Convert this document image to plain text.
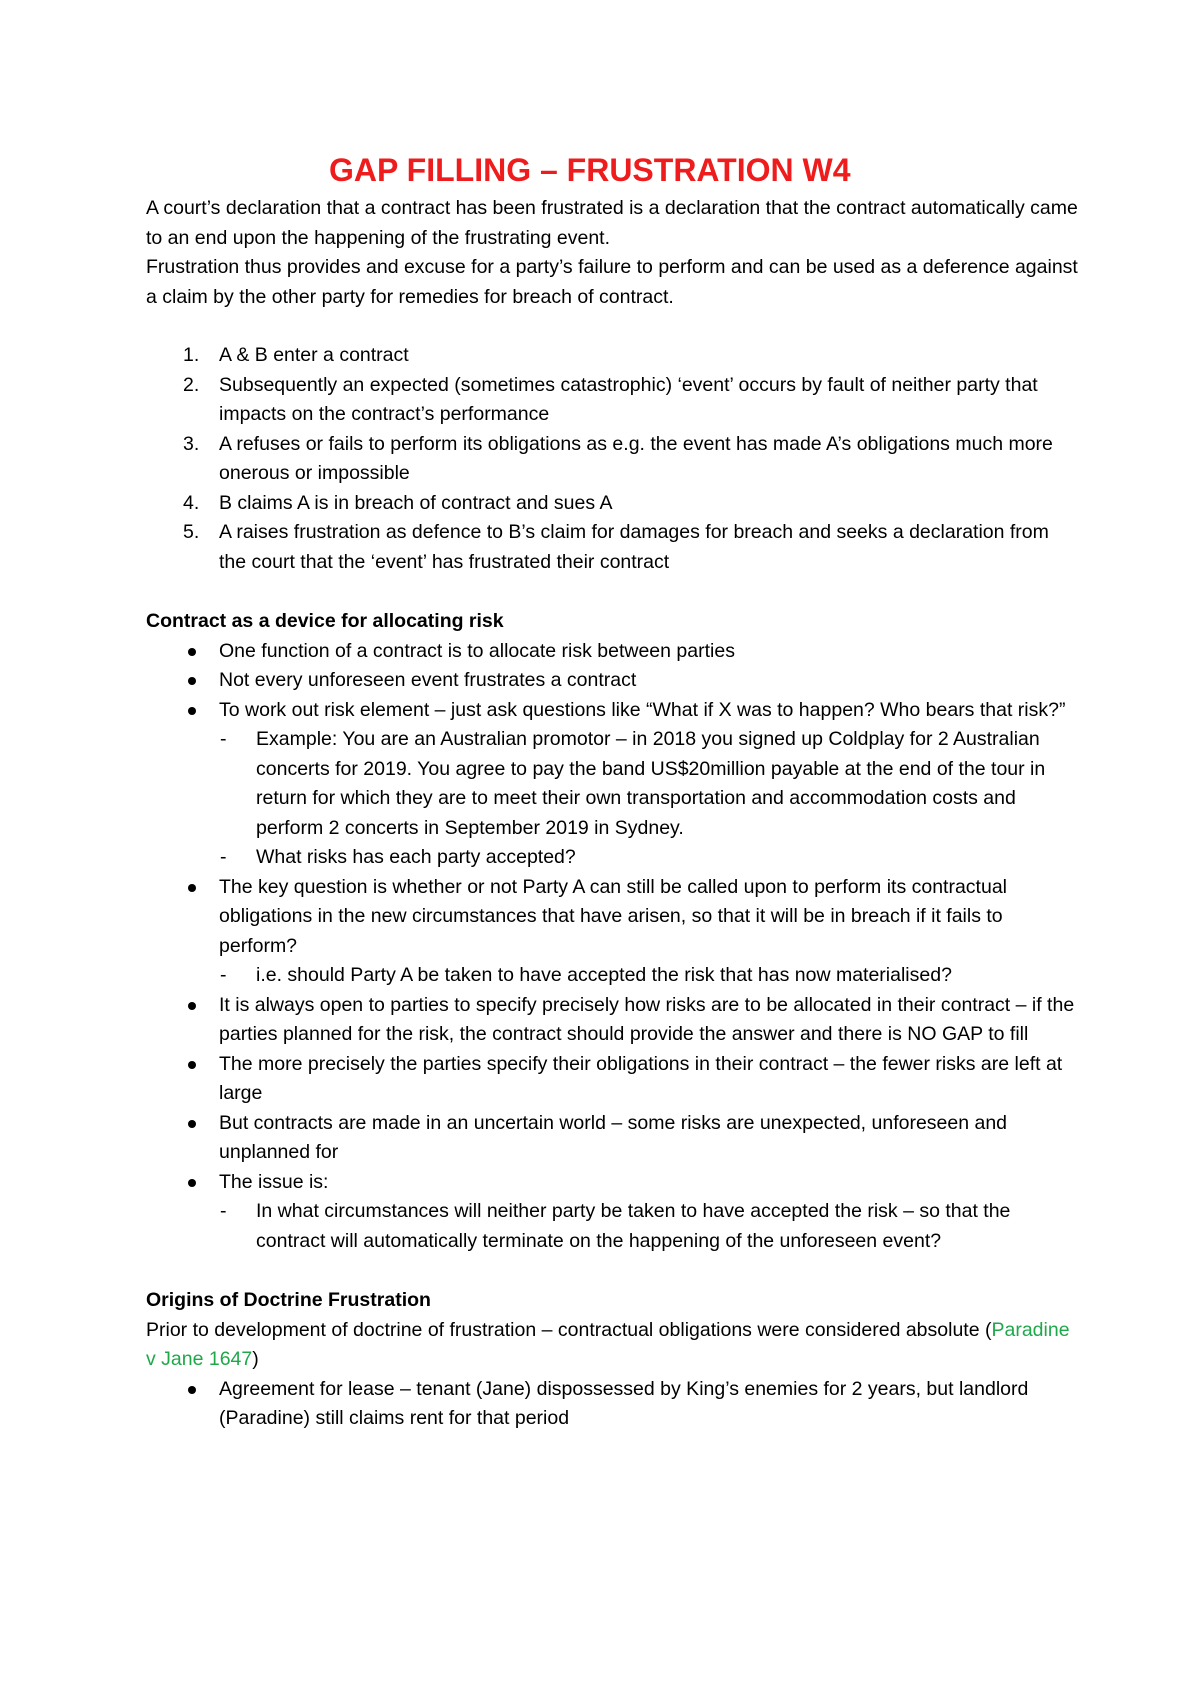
GAP FILLING – FRUSTRATION W4

A court’s declaration that a contract has been frustrated is a declaration that the contract automatically came to an end upon the happening of the frustrating event.

Frustration thus provides and excuse for a party’s failure to perform and can be used as a deference against a claim by the other party for remedies for breach of contract.

1. A & B enter a contract
2. Subsequently an expected (sometimes catastrophic) ‘event’ occurs by fault of neither party that impacts on the contract’s performance
3. A refuses or fails to perform its obligations as e.g. the event has made A’s obligations much more onerous or impossible
4. B claims A is in breach of contract and sues A
5. A raises frustration as defence to B’s claim for damages for breach and seeks a declaration from the court that the ‘event’ has frustrated their contract
Contract as a device for allocating risk
One function of a contract is to allocate risk between parties
Not every unforeseen event frustrates a contract
To work out risk element – just ask questions like “What if X was to happen? Who bears that risk?”
- Example: You are an Australian promotor – in 2018 you signed up Coldplay for 2 Australian concerts for 2019. You agree to pay the band US$20million payable at the end of the tour in return for which they are to meet their own transportation and accommodation costs and perform 2 concerts in September 2019 in Sydney.
- What risks has each party accepted?
The key question is whether or not Party A can still be called upon to perform its contractual obligations in the new circumstances that have arisen, so that it will be in breach if it fails to perform?
- i.e. should Party A be taken to have accepted the risk that has now materialised?
It is always open to parties to specify precisely how risks are to be allocated in their contract – if the parties planned for the risk, the contract should provide the answer and there is NO GAP to fill
The more precisely the parties specify their obligations in their contract – the fewer risks are left at large
But contracts are made in an uncertain world – some risks are unexpected, unforeseen and unplanned for
The issue is:
- In what circumstances will neither party be taken to have accepted the risk – so that the contract will automatically terminate on the happening of the unforeseen event?
Origins of Doctrine Frustration

Prior to development of doctrine of frustration – contractual obligations were considered absolute (Paradine v Jane 1647)

Agreement for lease – tenant (Jane) dispossessed by King’s enemies for 2 years, but landlord (Paradine) still claims rent for that period
